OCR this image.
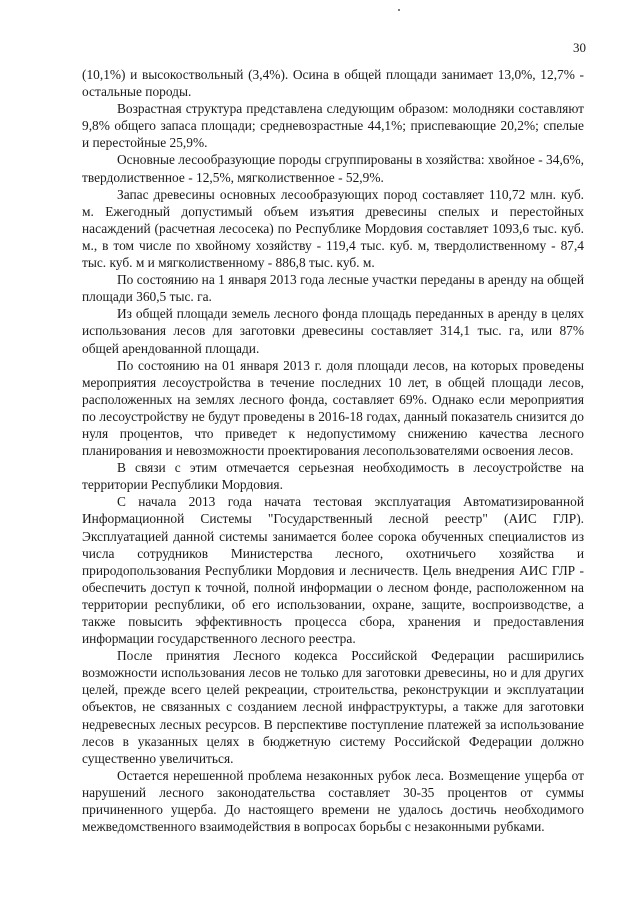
30

(10,1%) и высокоствольный (3,4%). Осина в общей площади занимает 13,0%, 12,7% - остальные породы.

Возрастная структура представлена следующим образом: молодняки составляют 9,8% общего запаса площади; средневозрастные 44,1%; приспевающие 20,2%; спелые и перестойные 25,9%.

Основные лесообразующие породы сгруппированы в хозяйства: хвойное - 34,6%, твердолиственное - 12,5%, мягколиственное - 52,9%.

Запас древесины основных лесообразующих пород составляет 110,72 млн. куб. м. Ежегодный допустимый объем изъятия древесины спелых и перестойных насаждений (расчетная лесосека) по Республике Мордовия составляет 1093,6 тыс. куб. м., в том числе по хвойному хозяйству - 119,4 тыс. куб. м, твердолиственному - 87,4 тыс. куб. м и мягколиственному - 886,8 тыс. куб. м.

По состоянию на 1 января 2013 года лесные участки переданы в аренду на общей площади 360,5 тыс. га.

Из общей площади земель лесного фонда площадь переданных в аренду в целях использования лесов для заготовки древесины составляет 314,1 тыс. га, или 87% общей арендованной площади.

По состоянию на 01 января 2013 г. доля площади лесов, на которых проведены мероприятия лесоустройства в течение последних 10 лет, в общей площади лесов, расположенных на землях лесного фонда, составляет 69%. Однако если мероприятия по лесоустройству не будут проведены в 2016-18 годах, данный показатель снизится до нуля процентов, что приведет к недопустимому снижению качества лесного планирования и невозможности проектирования лесопользователями освоения лесов.

В связи с этим отмечается серьезная необходимость в лесоустройстве на территории Республики Мордовия.

С начала 2013 года начата тестовая эксплуатация Автоматизированной Информационной Системы "Государственный лесной реестр" (АИС ГЛР). Эксплуатацией данной системы занимается более сорока обученных специалистов из числа сотрудников Министерства лесного, охотничьего хозяйства и природопользования Республики Мордовия и лесничеств. Цель внедрения АИС ГЛР - обеспечить доступ к точной, полной информации о лесном фонде, расположенном на территории республики, об его использовании, охране, защите, воспроизводстве, а также повысить эффективность процесса сбора, хранения и предоставления информации государственного лесного реестра.

После принятия Лесного кодекса Российской Федерации расширились возможности использования лесов не только для заготовки древесины, но и для других целей, прежде всего целей рекреации, строительства, реконструкции и эксплуатации объектов, не связанных с созданием лесной инфраструктуры, а также для заготовки недревесных лесных ресурсов. В перспективе поступление платежей за использование лесов в указанных целях в бюджетную систему Российской Федерации должно существенно увеличиться.

Остается нерешенной проблема незаконных рубок леса. Возмещение ущерба от нарушений лесного законодательства составляет 30-35 процентов от суммы причиненного ущерба. До настоящего времени не удалось достичь необходимого межведомственного взаимодействия в вопросах борьбы с незаконными рубками.
